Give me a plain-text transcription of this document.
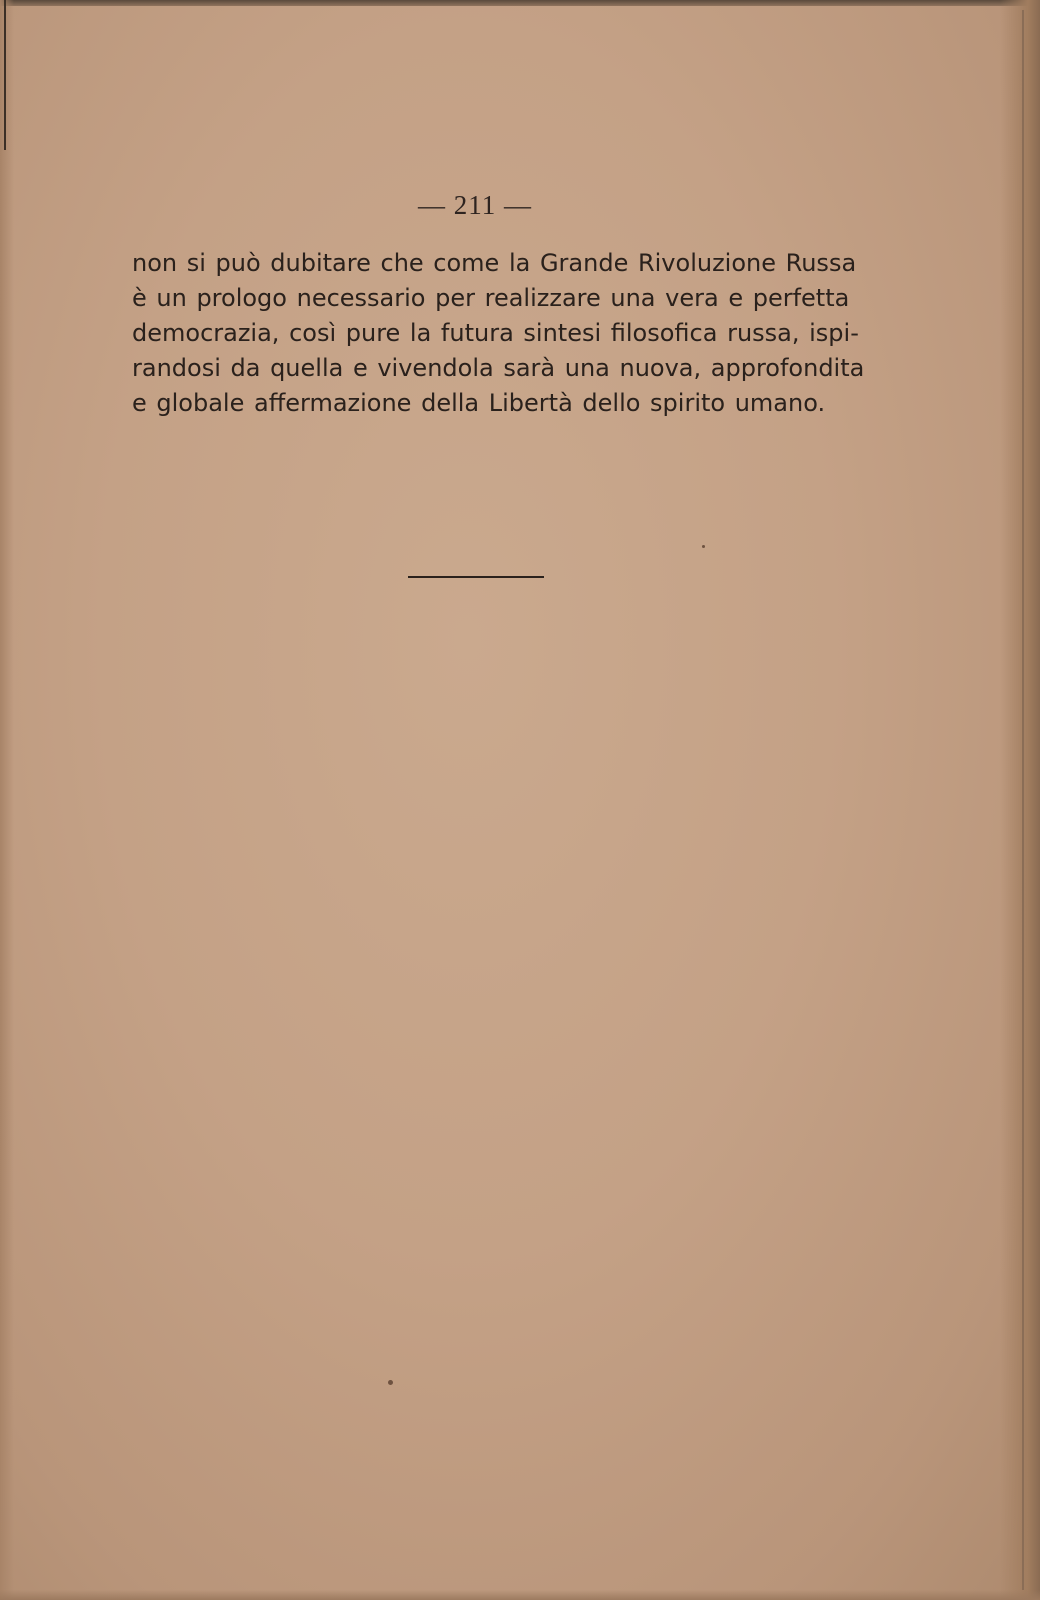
— 211 —

non si può dubitare che come la Grande Rivoluzione Russa
è un prologo necessario per realizzare una vera e perfetta
democrazia, così pure la futura sintesi filosofica russa, ispi-
randosi da quella e vivendola sarà una nuova, approfondita
e globale affermazione della Libertà dello spirito umano.
